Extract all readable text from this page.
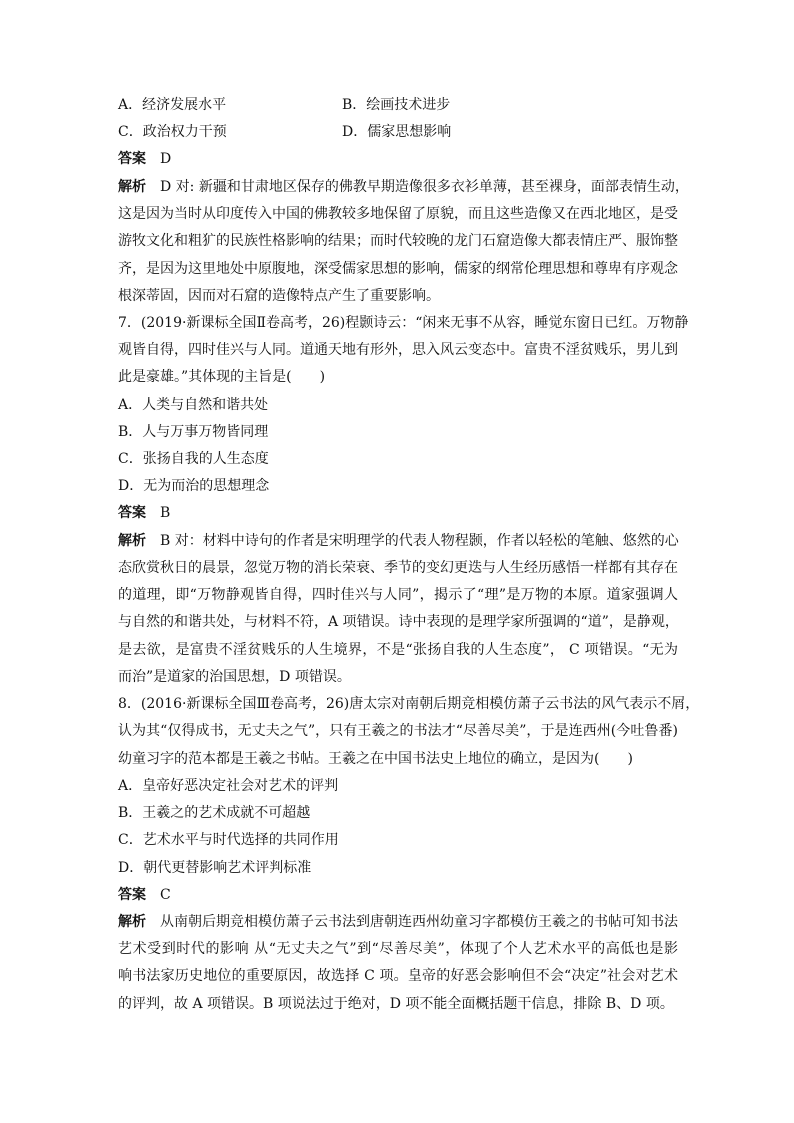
A．经济发展水平	B．绘画技术进步
C．政治权力干预	D．儒家思想影响
答案 D
解析 D 对: 新疆和甘肃地区保存的佛教早期造像很多衣衫单薄，甚至裸身，面部表情生动，
这是因为当时从印度传入中国的佛教较多地保留了原貌，而且这些造像又在西北地区，是受
游牧文化和粗犷的民族性格影响的结果；而时代较晚的龙门石窟造像大都表情庄严、服饰整
齐，是因为这里地处中原腹地，深受儒家思想的影响，儒家的纲常伦理思想和尊卑有序观念
根深蒂固，因而对石窟的造像特点产生了重要影响。
7．(2019·新课标全国Ⅱ卷高考，26)程颢诗云：“闲来无事不从容，睡觉东窗日已红。万物静
观皆自得，四时佳兴与人同。道通天地有形外，思入风云变态中。富贵不淫贫贱乐，男儿到
此是豪雄。”其体现的主旨是(　　)
A．人类与自然和谐共处
B．人与万事万物皆同理
C．张扬自我的人生态度
D．无为而治的思想理念
答案 B
解析 B 对：材料中诗句的作者是宋明理学的代表人物程颢，作者以轻松的笔触、悠然的心
态欣赏秋日的晨景，忽觉万物的消长荣衰、季节的变幻更迭与人生经历感悟一样都有其存在
的道理，即“万物静观皆自得，四时佳兴与人同”，揭示了“理”是万物的本原。道家强调人
与自然的和谐共处，与材料不符，A 项错误。诗中表现的是理学家所强调的“道”，是静观，
是去欲，是富贵不淫贫贱乐的人生境界，不是“张扬自我的人生态度”， C 项错误。“无为
而治”是道家的治国思想，D 项错误。
8．(2016·新课标全国Ⅲ卷高考，26)唐太宗对南朝后期竞相模仿萧子云书法的风气表示不屑，
认为其“仅得成书，无丈夫之气”，只有王羲之的书法才“尽善尽美”，于是连西州(今吐鲁番)
幼童习字的范本都是王羲之书帖。王羲之在中国书法史上地位的确立，是因为(　　)
A．皇帝好恶决定社会对艺术的评判
B．王羲之的艺术成就不可超越
C．艺术水平与时代选择的共同作用
D．朝代更替影响艺术评判标准
答案 C
解析 从南朝后期竞相模仿萧子云书法到唐朝连西州幼童习字都模仿王羲之的书帖可知书法
艺术受到时代的影响 从“无丈夫之气”到“尽善尽美”，体现了个人艺术水平的高低也是影
响书法家历史地位的重要原因，故选择 C 项。皇帝的好恶会影响但不会“决定”社会对艺术
的评判，故 A 项错误。B 项说法过于绝对，D 项不能全面概括题干信息，排除 B、D 项。
